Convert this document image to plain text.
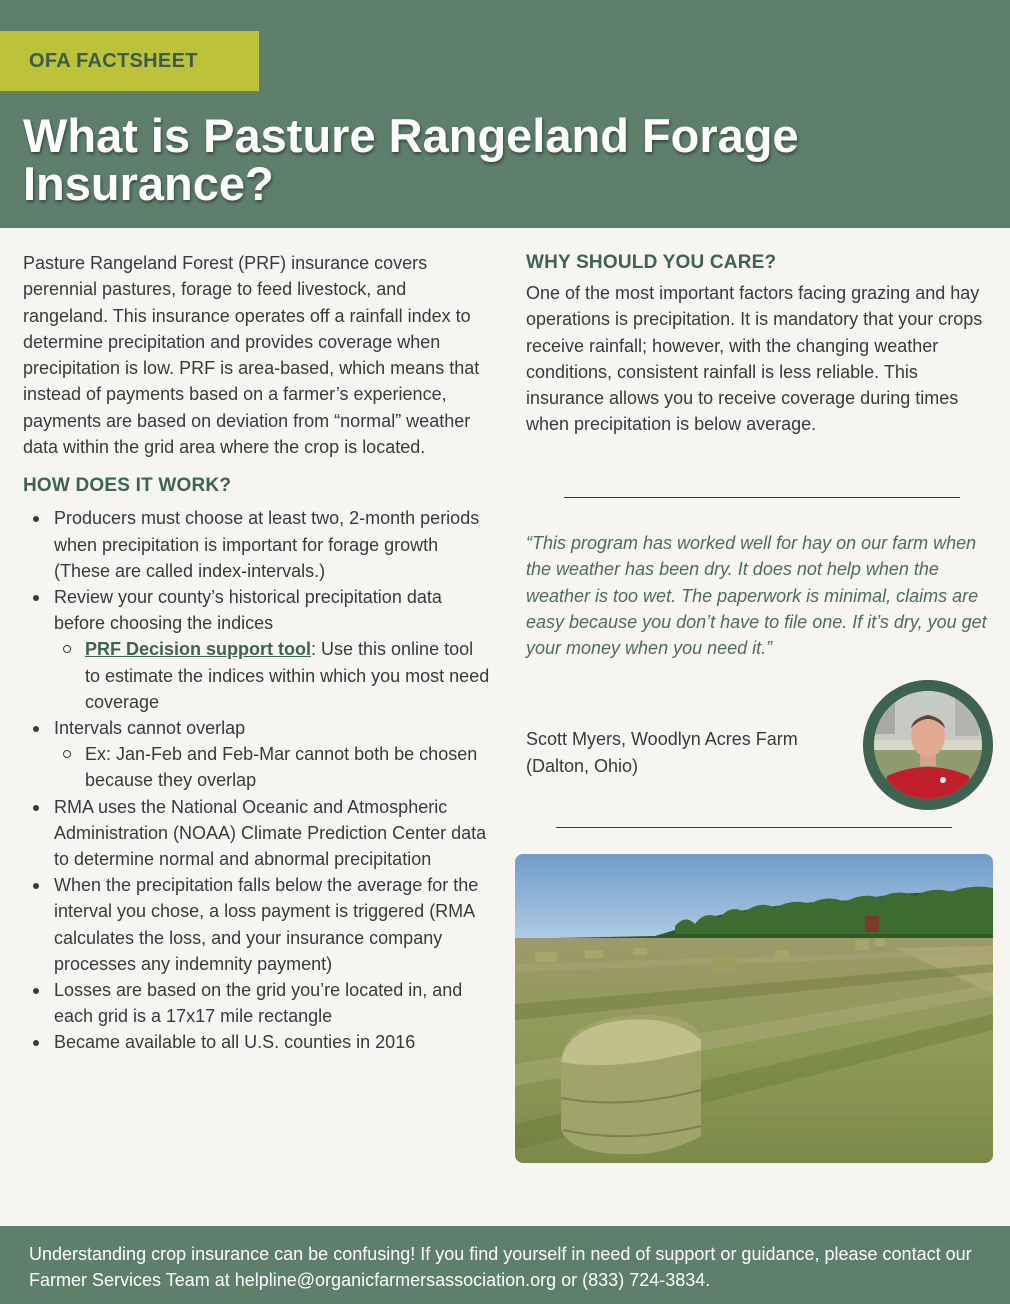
OFA FACTSHEET
What is Pasture Rangeland Forage Insurance?

Pasture Rangeland Forest (PRF) insurance covers perennial pastures, forage to feed livestock, and rangeland. This insurance operates off a rainfall index to determine precipitation and provides coverage when precipitation is low. PRF is area-based, which means that instead of payments based on a farmer’s experience, payments are based on deviation from “normal” weather data within the grid area where the crop is located.

HOW DOES IT WORK?
Producers must choose at least two, 2-month periods when precipitation is important for forage growth (These are called index-intervals.)
Review your county’s historical precipitation data before choosing the indices
PRF Decision support tool: Use this online tool to estimate the indices within which you most need coverage
Intervals cannot overlap
Ex: Jan-Feb and Feb-Mar cannot both be chosen because they overlap
RMA uses the National Oceanic and Atmospheric Administration (NOAA) Climate Prediction Center data to determine normal and abnormal precipitation
When the precipitation falls below the average for the interval you chose, a loss payment is triggered (RMA calculates the loss, and your insurance company processes any indemnity payment)
Losses are based on the grid you’re located in, and each grid is a 17x17 mile rectangle
Became available to all U.S. counties in 2016
WHY SHOULD YOU CARE?

One of the most important factors facing grazing and hay operations is precipitation. It is mandatory that your crops receive rainfall; however, with the changing weather conditions, consistent rainfall is less reliable. This insurance allows you to receive coverage during times when precipitation is below average.

“This program has worked well for hay on our farm when the weather has been dry. It does not help when the weather is too wet. The paperwork is minimal, claims are easy because you don’t have to file one. If it’s dry, you get your money when you need it.”

Scott Myers, Woodlyn Acres Farm
(Dalton, Ohio)

Understanding crop insurance can be confusing! If you find yourself in need of support or guidance, please contact our Farmer Services Team at helpline@organicfarmersassociation.org or (833) 724-3834.
